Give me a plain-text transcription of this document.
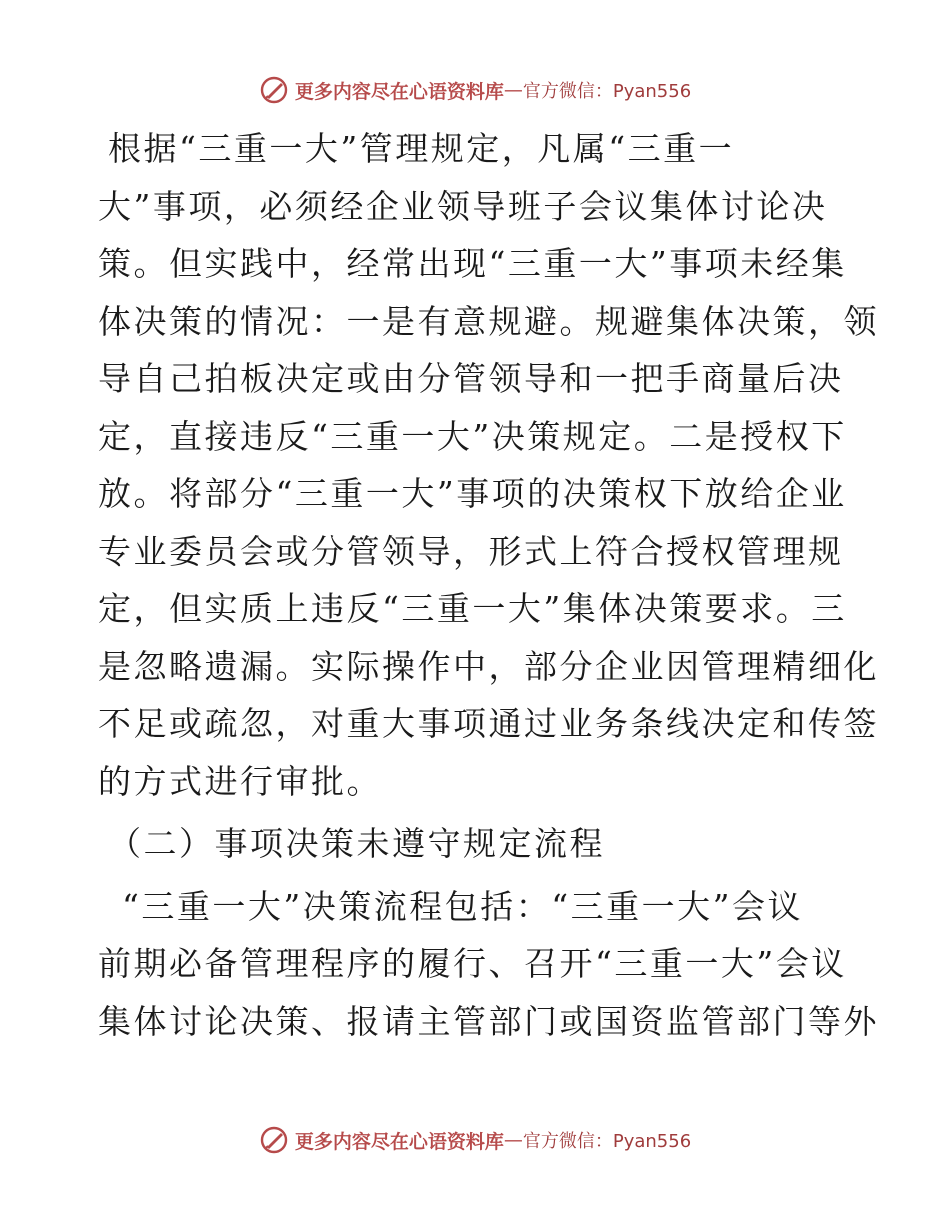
更多内容尽在心语资料库 — 官方微信：Pyan556
根据“三重一大”管理规定，凡属“三重一
大”事项，必须经企业领导班子会议集体讨论决
策。但实践中，经常出现“三重一大”事项未经集
体决策的情况：一是有意规避。规避集体决策，领
导自己拍板决定或由分管领导和一把手商量后决
定，直接违反“三重一大”决策规定。二是授权下
放。将部分“三重一大”事项的决策权下放给企业
专业委员会或分管领导，形式上符合授权管理规
定，但实质上违反“三重一大”集体决策要求。三
是忽略遗漏。实际操作中，部分企业因管理精细化
不足或疏忽，对重大事项通过业务条线决定和传签
的方式进行审批。
（二）事项决策未遵守规定流程
“三重一大”决策流程包括：“三重一大”会议
前期必备管理程序的履行、召开“三重一大”会议
集体讨论决策、报请主管部门或国资监管部门等外
更多内容尽在心语资料库 — 官方微信：Pyan556
